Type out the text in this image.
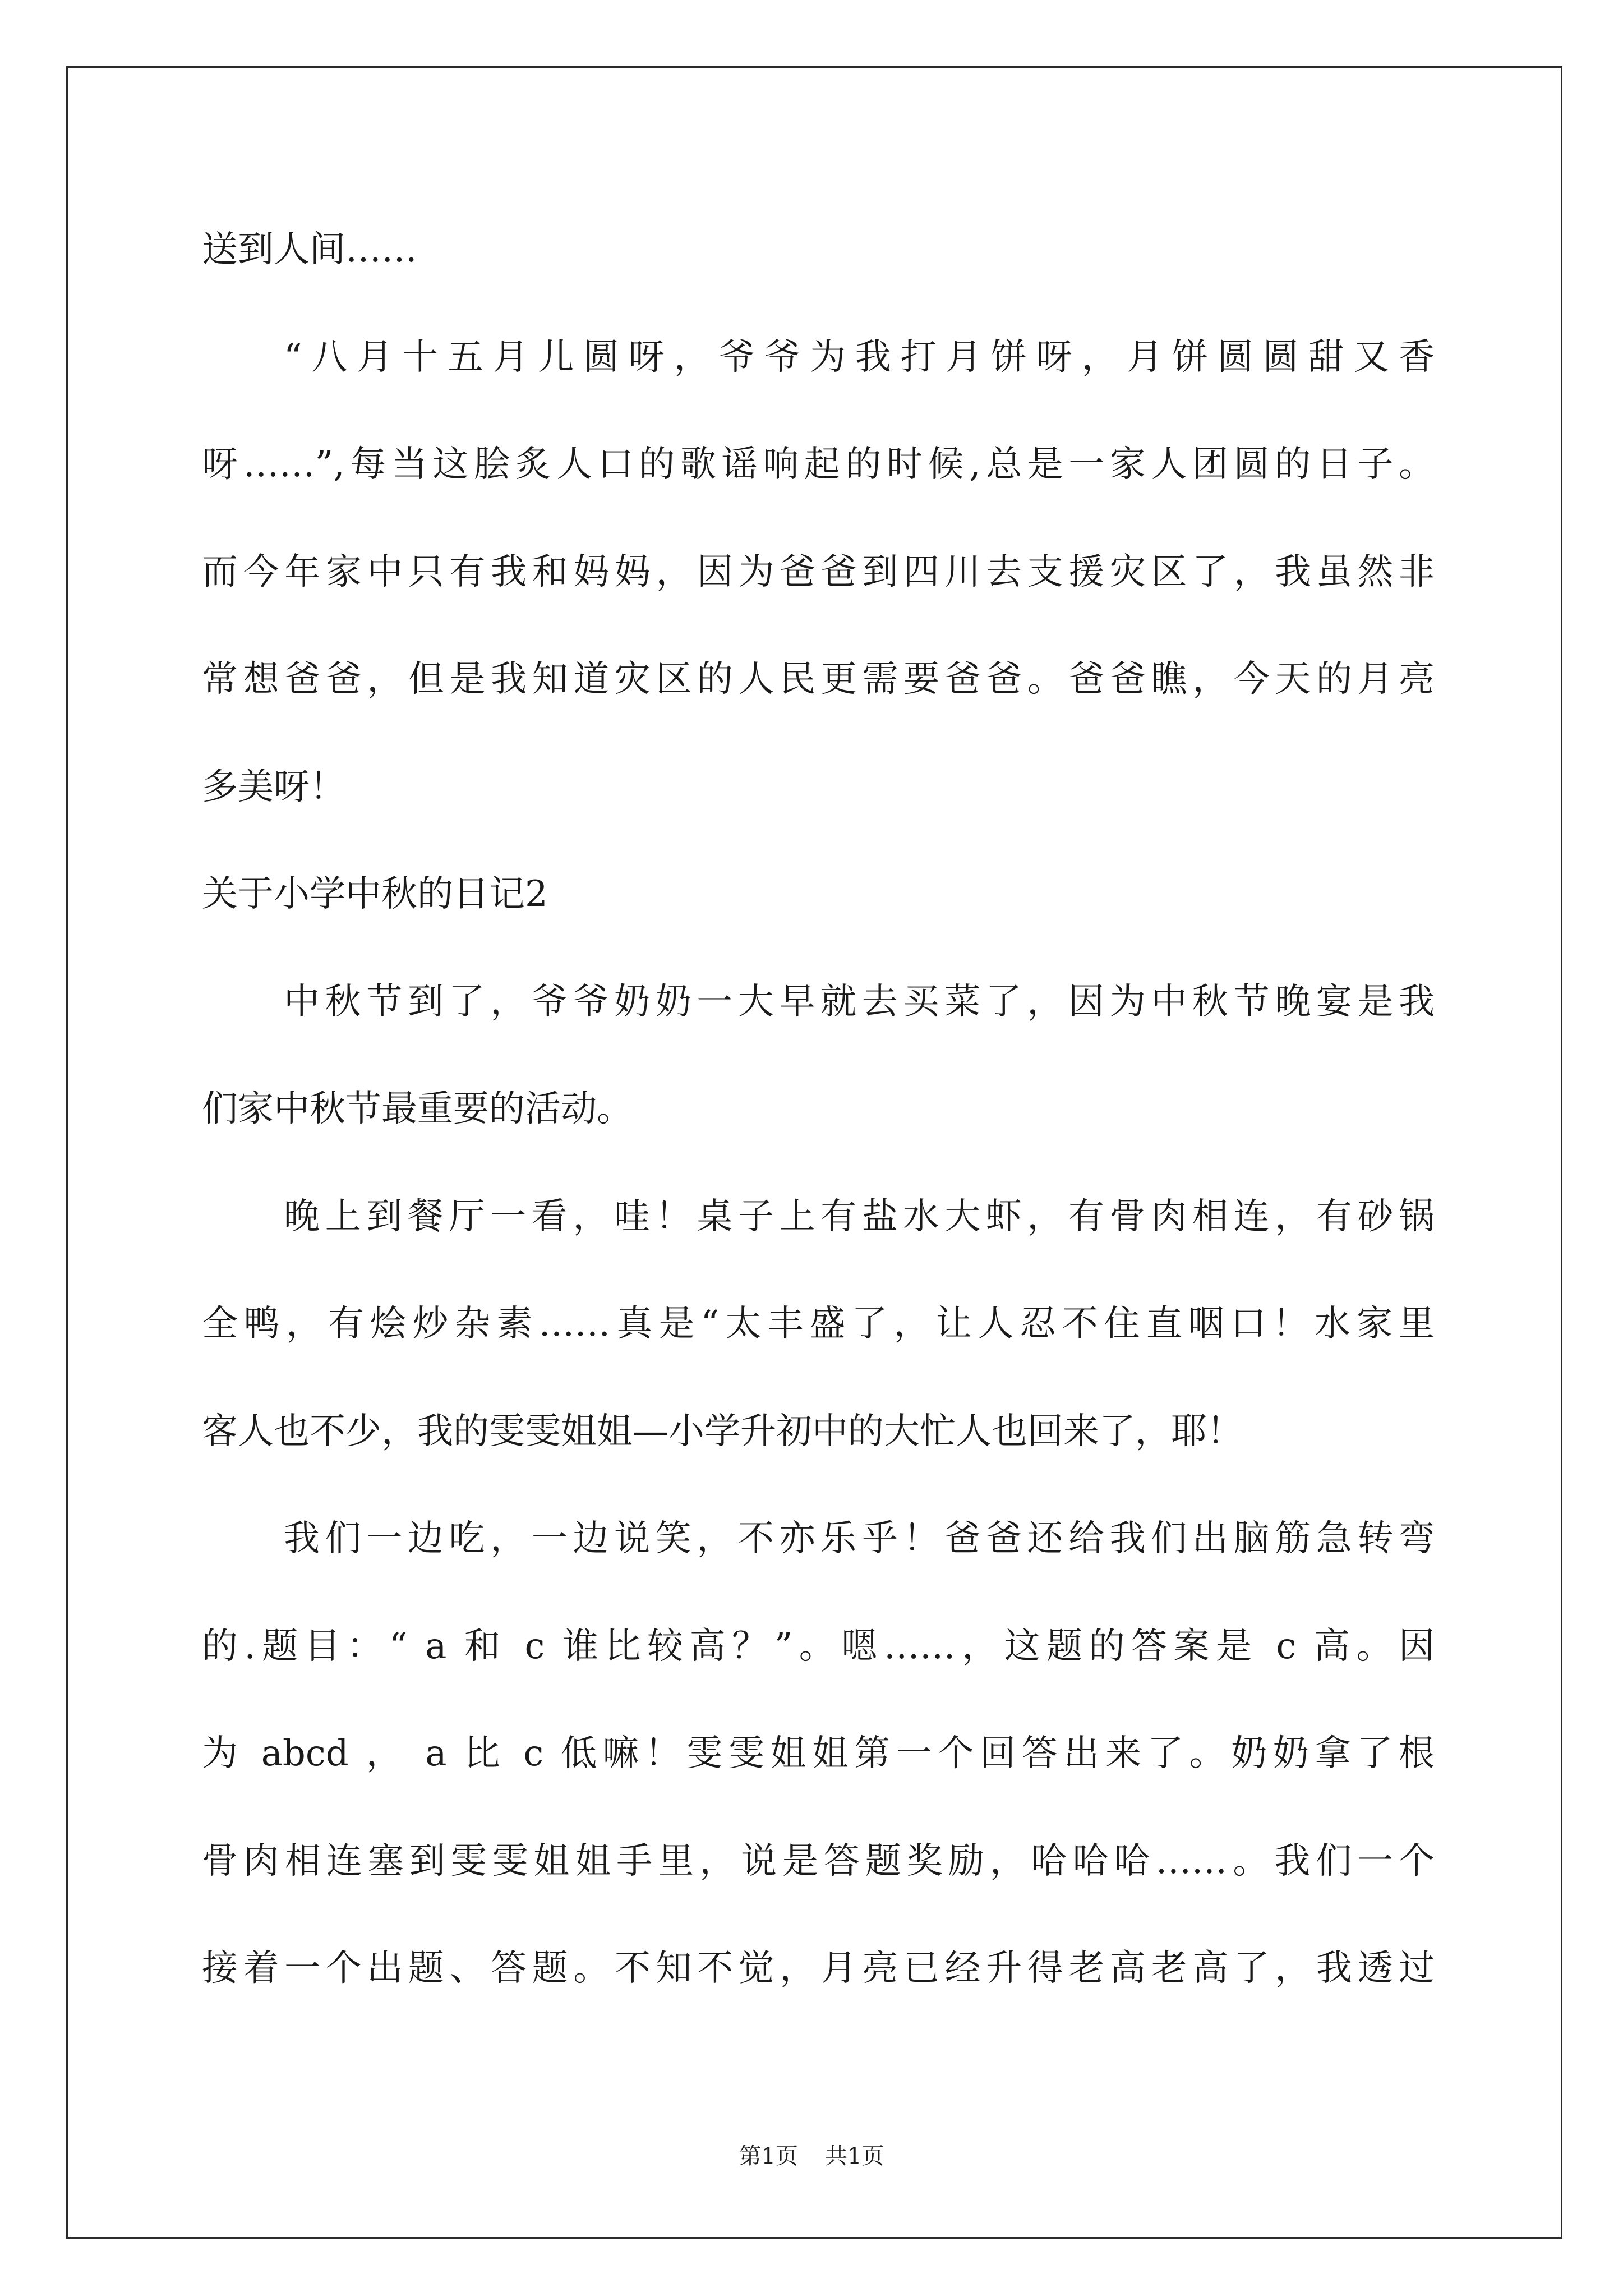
送到人间……
“八月十五月儿圆呀，爷爷为我打月饼呀，月饼圆圆甜又香
呀……”,每当这脍炙人口的歌谣响起的时候,总是一家人团圆的日子。
而今年家中只有我和妈妈，因为爸爸到四川去支援灾区了，我虽然非
常想爸爸，但是我知道灾区的人民更需要爸爸。爸爸瞧，今天的月亮
多美呀！
关于小学中秋的日记2
中秋节到了，爷爷奶奶一大早就去买菜了，因为中秋节晚宴是我
们家中秋节最重要的活动。
晚上到餐厅一看，哇！桌子上有盐水大虾，有骨肉相连，有砂锅
全鸭，有烩炒杂素……真是“太丰盛了，让人忍不住直咽口！水家里
客人也不少，我的雯雯姐姐—小学升初中的大忙人也回来了，耶！
我们一边吃，一边说笑，不亦乐乎！爸爸还给我们出脑筋急转弯
的.题目：“ a 和 c 谁比较高？”。嗯……，这题的答案是 c 高。因
为 abcd ， a 比 c 低嘛！雯雯姐姐第一个回答出来了。奶奶拿了根
骨肉相连塞到雯雯姐姐手里，说是答题奖励，哈哈哈……。我们一个
接着一个出题、答题。不知不觉，月亮已经升得老高老高了，我透过
第1页 共1页
